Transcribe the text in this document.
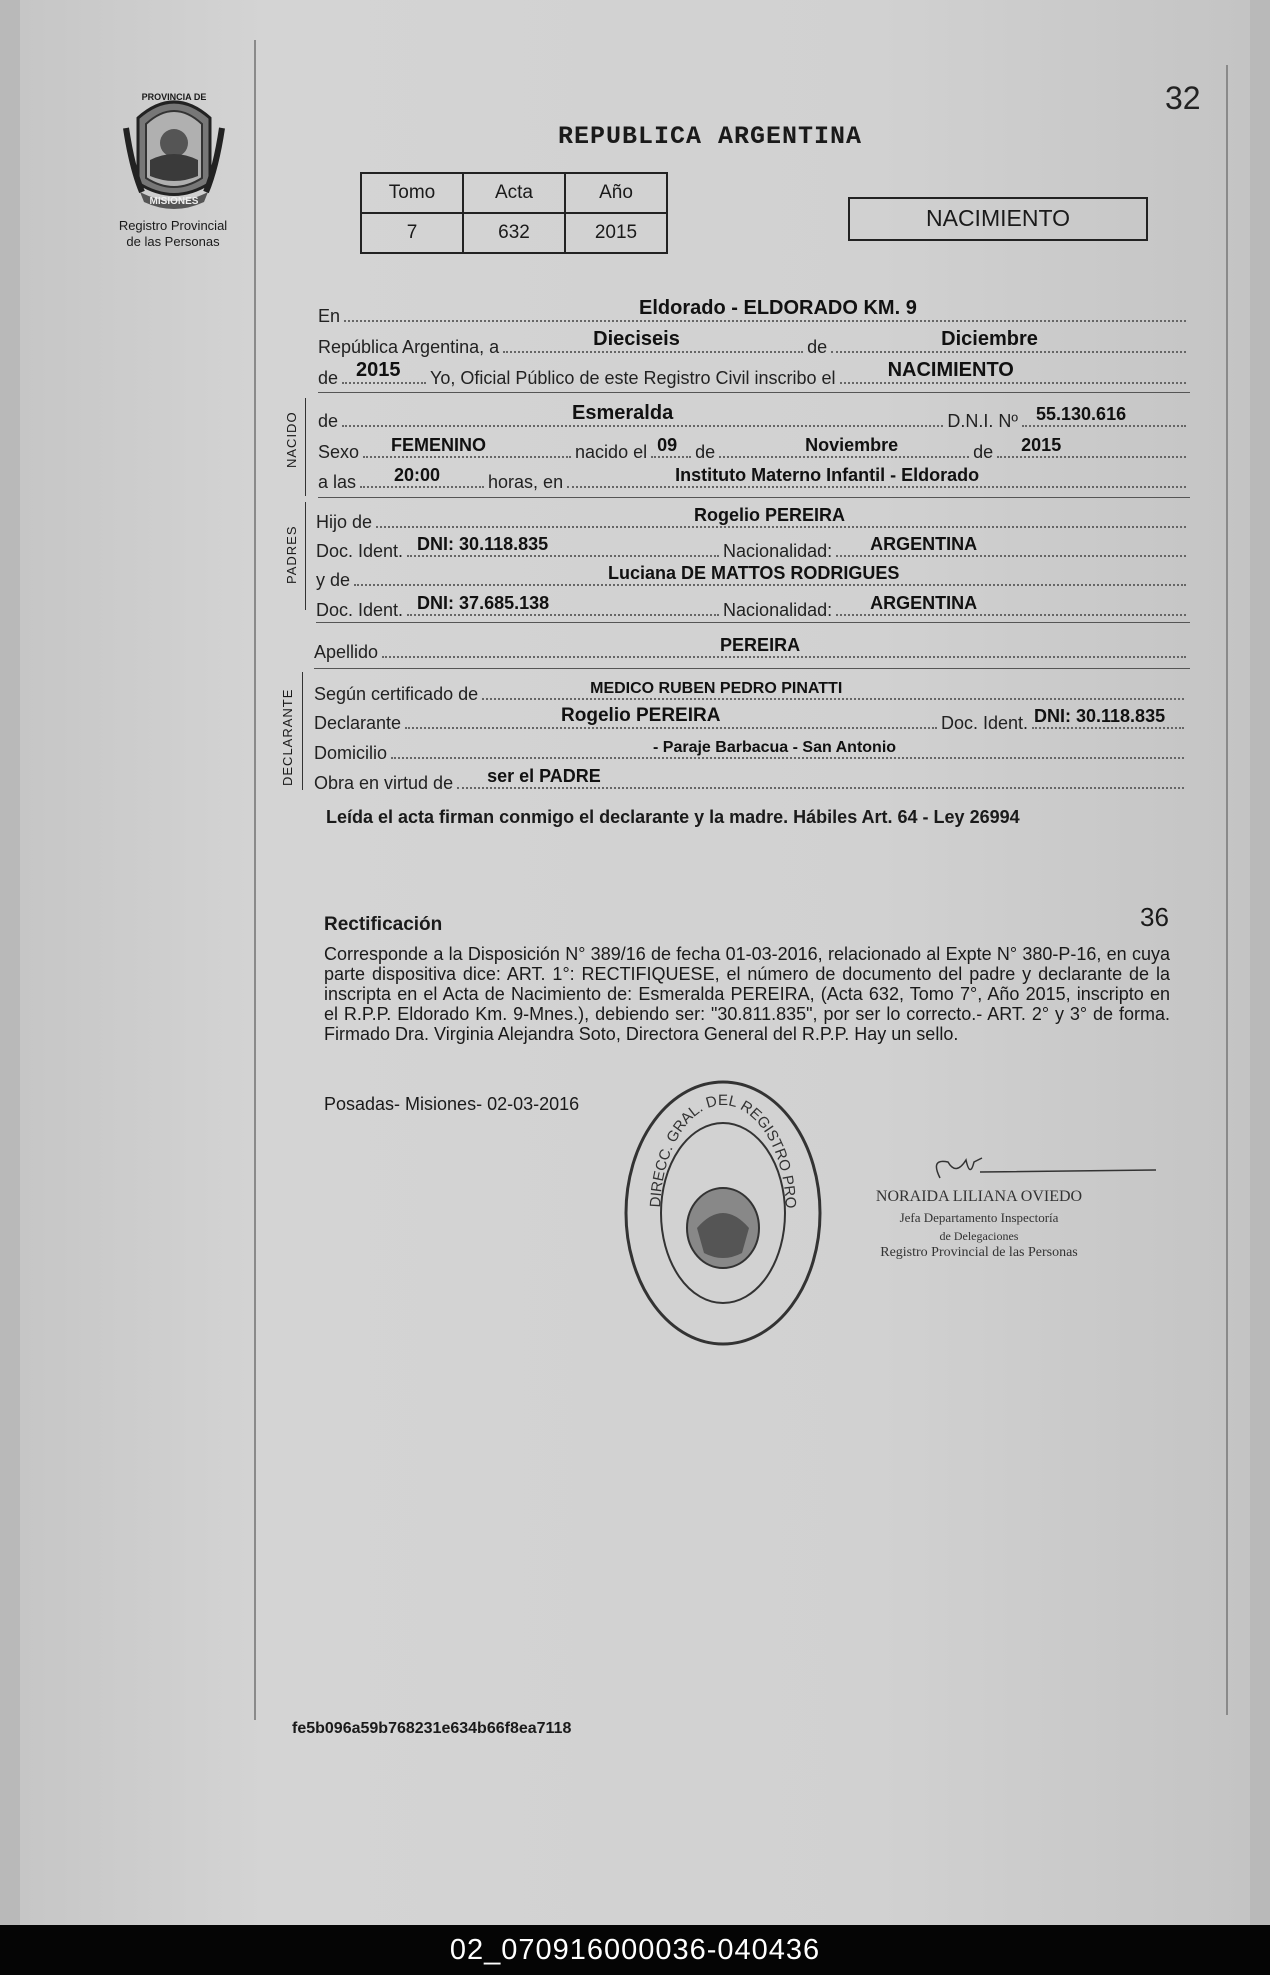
32
PROVINCIA DE
MISIONES
Registro Provincial
de las Personas
REPUBLICA ARGENTINA
Tomo	Acta	Año
7	632	2015
NACIMIENTO
En	Eldorado - ELDORADO KM. 9
República Argentina, a	Dieciseis	de	Diciembre
de 2015 Yo, Oficial Público de este Registro Civil inscribo el	NACIMIENTO
NACIDO de	Esmeralda	D.N.I. Nº 55.130.616
Sexo FEMENINO	nacido el 09 de	Noviembre	de 2015
a las 20:00	horas, en	Instituto Materno Infantil - Eldorado
PADRES
Hijo de	Rogelio PEREIRA
Doc. Ident. DNI: 30.118.835	Nacionalidad: ARGENTINA
y de	Luciana DE MATTOS RODRIGUES
Doc. Ident. DNI: 37.685.138	Nacionalidad: ARGENTINA
Apellido	PEREIRA
DECLARANTE Según certificado de	MEDICO RUBEN PEDRO PINATTI
Declarante	Rogelio PEREIRA	Doc. Ident. DNI: 30.118.835
Domicilio	- Paraje Barbacua - San Antonio
Obra en virtud de ser el PADRE
Leída el acta firman conmigo el declarante y la madre. Hábiles Art. 64 - Ley 26994
Rectificación	36
Corresponde a la Disposición N° 389/16 de fecha 01-03-2016, relacionado al Expte N° 380-P-16, en cuya parte dispositiva dice: ART. 1°: RECTIFIQUESE, el número de documento del padre y declarante de la inscripta en el Acta de Nacimiento de: Esmeralda PEREIRA, (Acta 632, Tomo 7°, Año 2015, inscripto en el R.P.P. Eldorado Km. 9-Mnes.), debiendo ser: "30.811.835", por ser lo correcto.- ART. 2° y 3° de forma. Firmado Dra. Virginia Alejandra Soto, Directora General del R.P.P. Hay un sello.
Posadas- Misiones- 02-03-2016
DIRECC. GRAL. DEL REGISTRO PRO	NORAIDA LILIANA OVIEDO
Jefa Departamento Inspectoría
de Delegaciones
Registro Provincial de las Personas
fe5b096a59b768231e634b66f8ea7118
02_070916000036-040436
